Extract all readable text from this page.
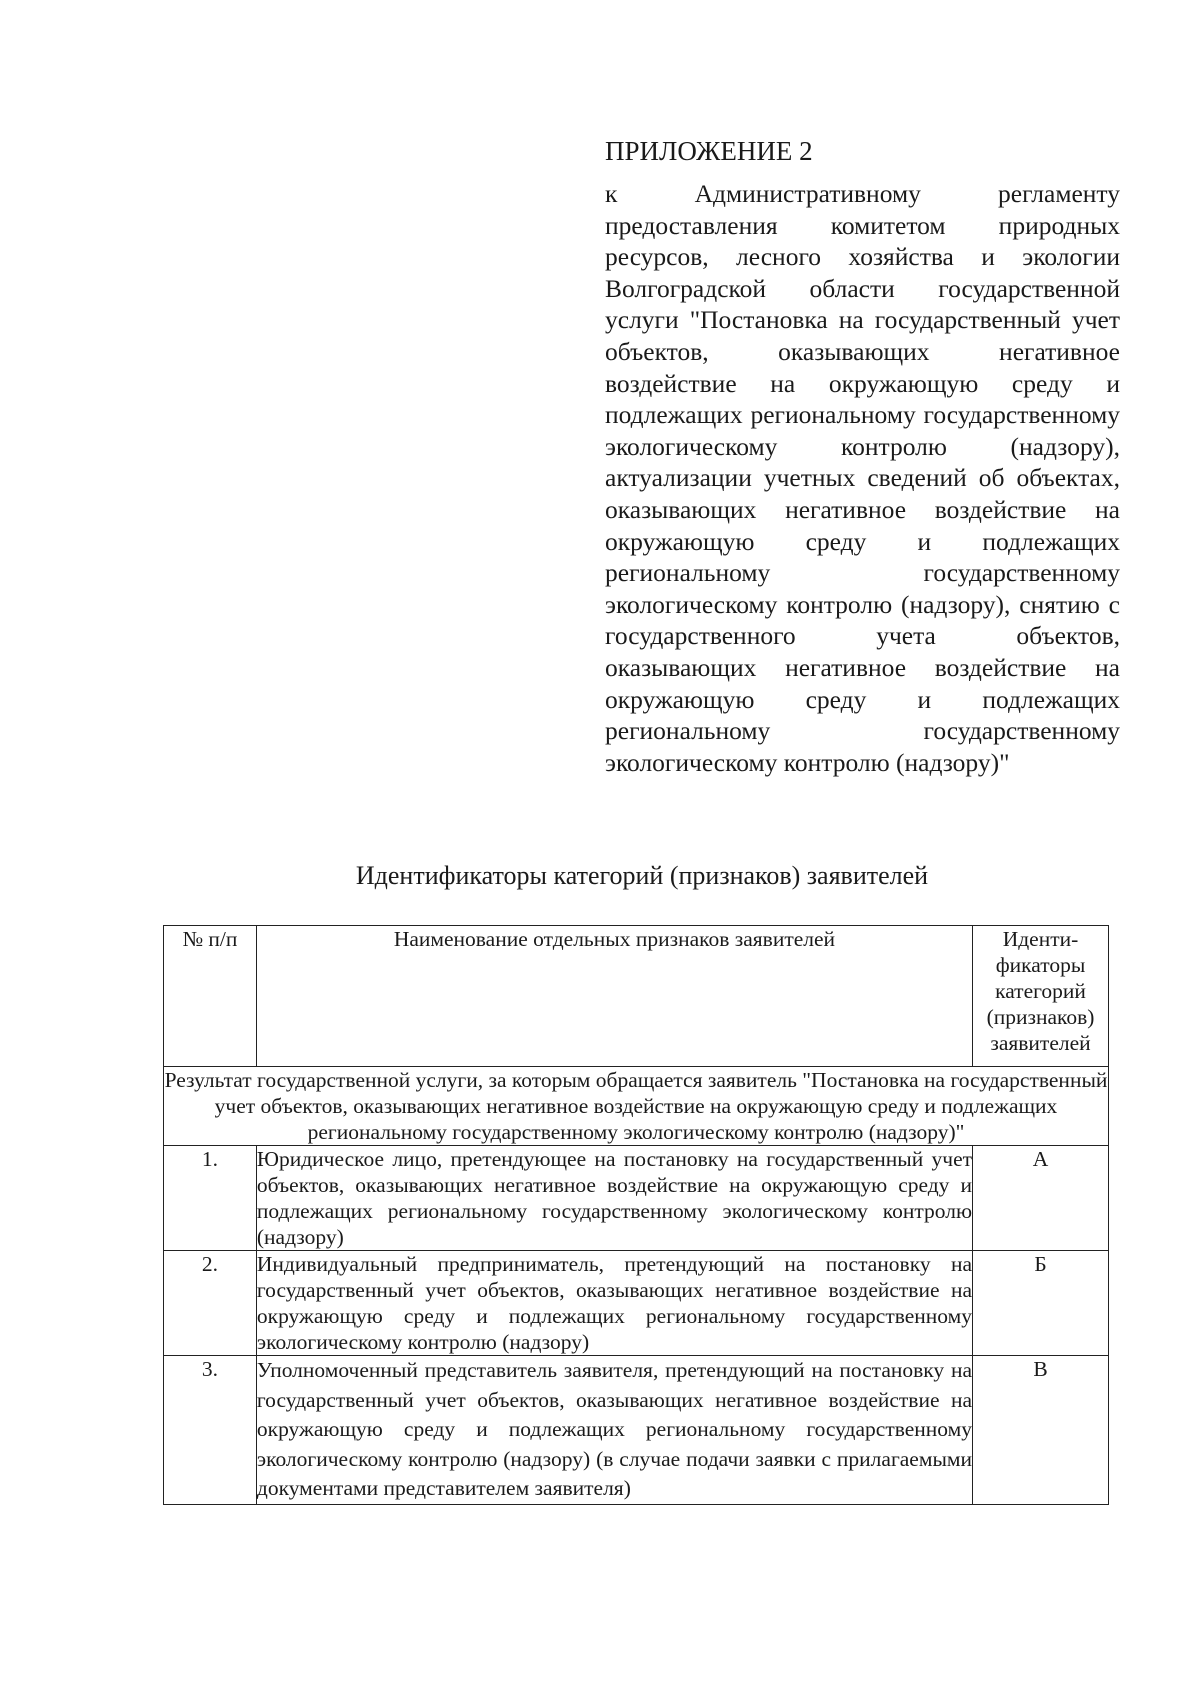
ПРИЛОЖЕНИЕ 2

к Административному регламенту предоставления комитетом природных ресурсов, лесного хозяйства и экологии Волгоградской области государственной услуги "Постановка на государственный учет объектов, оказывающих негативное воздействие на окружающую среду и подлежащих региональному государственному экологическому контролю (надзору), актуализации учетных сведений об объектах, оказывающих негативное воздействие на окружающую среду и подлежащих региональному государственному экологическому контролю (надзору), снятию с государственного учета объектов, оказывающих негативное воздействие на окружающую среду и подлежащих региональному государственному экологическому контролю (надзору)"

Идентификаторы категорий (признаков) заявителей
№ п/п	Наименование отдельных признаков заявителей	Иденти- фикаторы категорий (признаков) заявителей
Результат государственной услуги, за которым обращается заявитель "Постановка на государственный учет объектов, оказывающих негативное воздействие на окружающую среду и подлежащих региональному государственному экологическому контролю (надзору)"		
1.	Юридическое лицо, претендующее на постановку на государственный учет объектов, оказывающих негативное воздействие на окружающую среду и подлежащих региональному государственному экологическому контролю (надзору)	А
2.	Индивидуальный предприниматель, претендующий на постановку на государственный учет объектов, оказывающих негативное воздействие на окружающую среду и подлежащих региональному государственному экологическому контролю (надзору)	Б
3.	Уполномоченный представитель заявителя, претендующий на постановку на государственный учет объектов, оказывающих негативное воздействие на окружающую среду и подлежащих региональному государственному экологическому контролю (надзору) (в случае подачи заявки с прилагаемыми документами представителем заявителя)	В
